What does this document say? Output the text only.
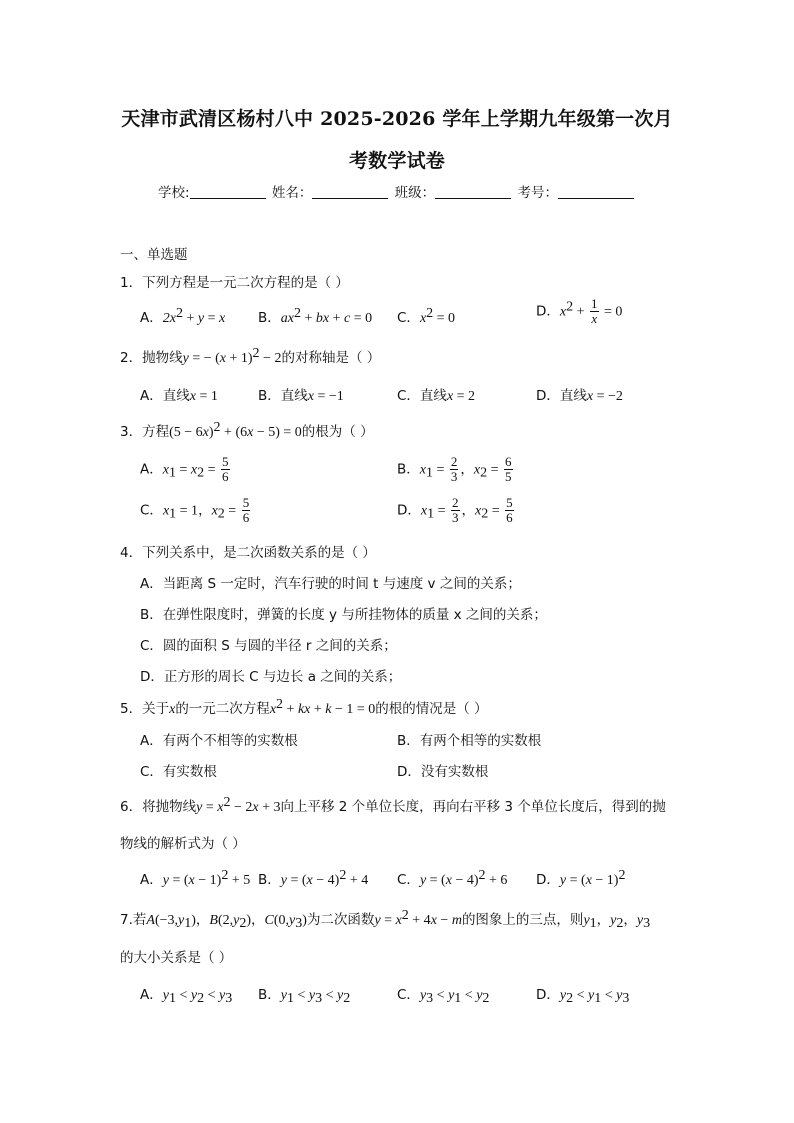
天津市武清区杨村八中 2025-2026 学年上学期九年级第一次月
考数学试卷
学校:	姓名：	班级：	考号：
一、单选题
1．下列方程是一元二次方程的是（ ）
A．$2x^2 + y = x$ B．$ax^2$ + bx + c = 0 C．$x^2 = 0$	D．$x^2 + \frac{1}{x} = 0$
2．抛物线y = − $(x + 1)^2 - 2$的对称轴是（ ）
A．直线x = 1	B．直线x = −1	C．直线x = 2	D．直线x = −2
3．方程$(5 - 6x)^2 + (6x - 5) = 0$的根为（ ）
A．$x_1 = x_2 = \frac{5}{6}$	B．$x_1 = \frac{2}{3}$ ，$x_2 = \frac{6}{5}$
C．$x_1 = 1$，$x_2 = \frac{5}{6}$	D．$x_1 = \frac{2}{3}$ ，$x_2 = \frac{5}{6}$
4．下列关系中，是二次函数关系的是（ ）
A．当距离 S 一定时，汽车行驶的时间 t 与速度 v 之间的关系；
B．在弹性限度时，弹簧的长度 y 与所挂物体的质量 x 之间的关系；
C．圆的面积 S 与圆的半径 r 之间的关系；
D．正方形的周长 C 与边长 a 之间的关系；
5．关于x的一元二次方程$x^2$ + kx + k − 1 = 0的根的情况是（ ）
A．有两个不相等的实数根	B．有两个相等的实数根
C．有实数根	D．没有实数根
6．将抛物线$y = x^2 - 2x + 3$向上平移 2 个单位长度，再向右平移 3 个单位长度后，得到的抛
物线的解析式为（ ）
A．$y = (x - 1)^2 + 5$ B．$y = (x - 4)^2 + 4$ C．$y = (x - 4)^2 + 6$ D．$y = (x - 1)^2$
7.若$A(-3,y_1)$，$B(2,y_2)$，$C(0,y_3)$为二次函数$y = x^2 + 4x - m$的图象上的三点，则$y_1$，$y_2$，$y_3$
的大小关系是（ ）
A．$y_1 < y_2 < y_3$ B．$y_1 < y_3 < y_2$	C．$y_3 < y_1 < y_2$	D．$y_2 < y_1 < y_3$
